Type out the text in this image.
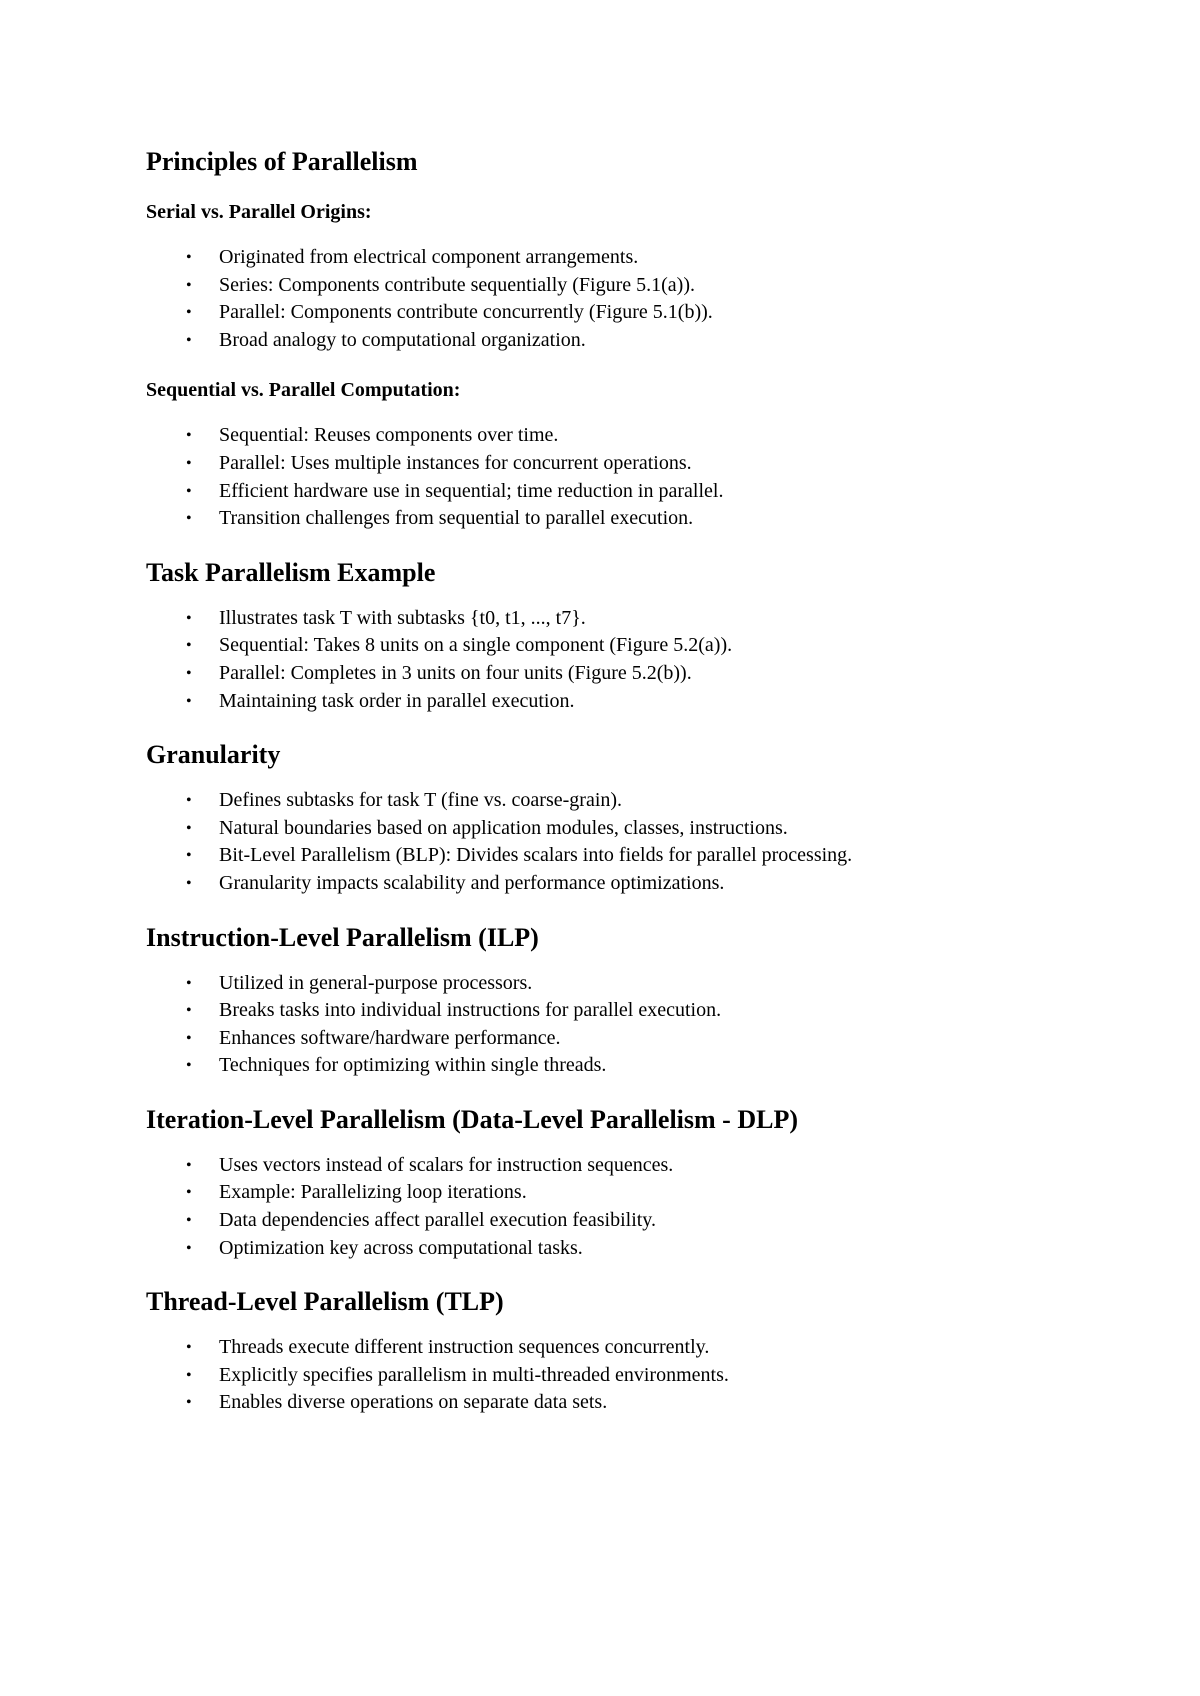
Principles of Parallelism
Serial vs. Parallel Origins:
• Originated from electrical component arrangements.
• Series: Components contribute sequentially (Figure 5.1(a)).
• Parallel: Components contribute concurrently (Figure 5.1(b)).
• Broad analogy to computational organization.
Sequential vs. Parallel Computation:
• Sequential: Reuses components over time.
• Parallel: Uses multiple instances for concurrent operations.
• Efficient hardware use in sequential; time reduction in parallel.
• Transition challenges from sequential to parallel execution.
Task Parallelism Example
• Illustrates task T with subtasks {t0, t1, ..., t7}.
• Sequential: Takes 8 units on a single component (Figure 5.2(a)).
• Parallel: Completes in 3 units on four units (Figure 5.2(b)).
• Maintaining task order in parallel execution.
Granularity
• Defines subtasks for task T (fine vs. coarse-grain).
• Natural boundaries based on application modules, classes, instructions.
• Bit-Level Parallelism (BLP): Divides scalars into fields for parallel processing.
• Granularity impacts scalability and performance optimizations.
Instruction-Level Parallelism (ILP)
• Utilized in general-purpose processors.
• Breaks tasks into individual instructions for parallel execution.
• Enhances software/hardware performance.
• Techniques for optimizing within single threads.
Iteration-Level Parallelism (Data-Level Parallelism - DLP)
• Uses vectors instead of scalars for instruction sequences.
• Example: Parallelizing loop iterations.
• Data dependencies affect parallel execution feasibility.
• Optimization key across computational tasks.
Thread-Level Parallelism (TLP)
• Threads execute different instruction sequences concurrently.
• Explicitly specifies parallelism in multi-threaded environments.
• Enables diverse operations on separate data sets.
